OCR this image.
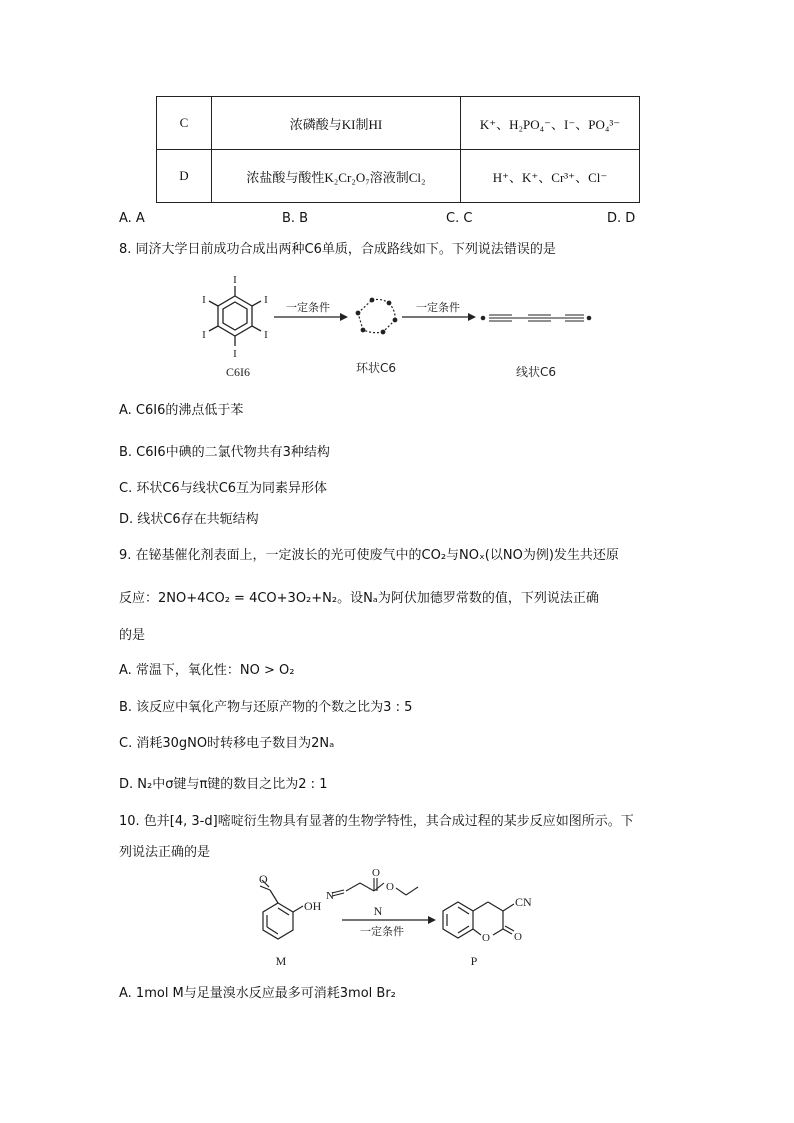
C	浓磷酸与KI制HI	K⁺、H₂PO₄⁻、I⁻、PO₄³⁻
D	浓盐酸与酸性K₂Cr₂O₇溶液制Cl₂	H⁺、K⁺、Cr³⁺、Cl⁻
A. A	B. B	C. C	D. D
8. 同济大学日前成功合成出两种C6单质，合成路线如下。下列说法错误的是
I
I
I
I
I
I
C6I6
一定条件
环状C6
一定条件
线状C6
A. C6I6的沸点低于苯
B. C6I6中碘的二氯代物共有3种结构
C. 环状C6与线状C6互为同素异形体
D. 线状C6存在共轭结构
9. 在铋基催化剂表面上，一定波长的光可使废气中的CO₂与NOₓ(以NO为例)发生共还原
反应：2NO+4CO₂ = 4CO+3O₂+N₂。设Nₐ为阿伏加德罗常数的值，下列说法正确
的是
A. 常温下，氧化性：NO > O₂
B. 该反应中氧化产物与还原产物的个数之比为3 : 5
C. 消耗30gNO时转移电子数目为2Nₐ
D. N₂中σ键与π键的数目之比为2 : 1
10. 色并[4, 3-d]嘧啶衍生物具有显著的生物学特性，其合成过程的某步反应如图所示。下
列说法正确的是
O
OH
M
N
O
O
N
一定条件	O O
CN
P
A. 1mol M与足量溴水反应最多可消耗3mol Br₂
